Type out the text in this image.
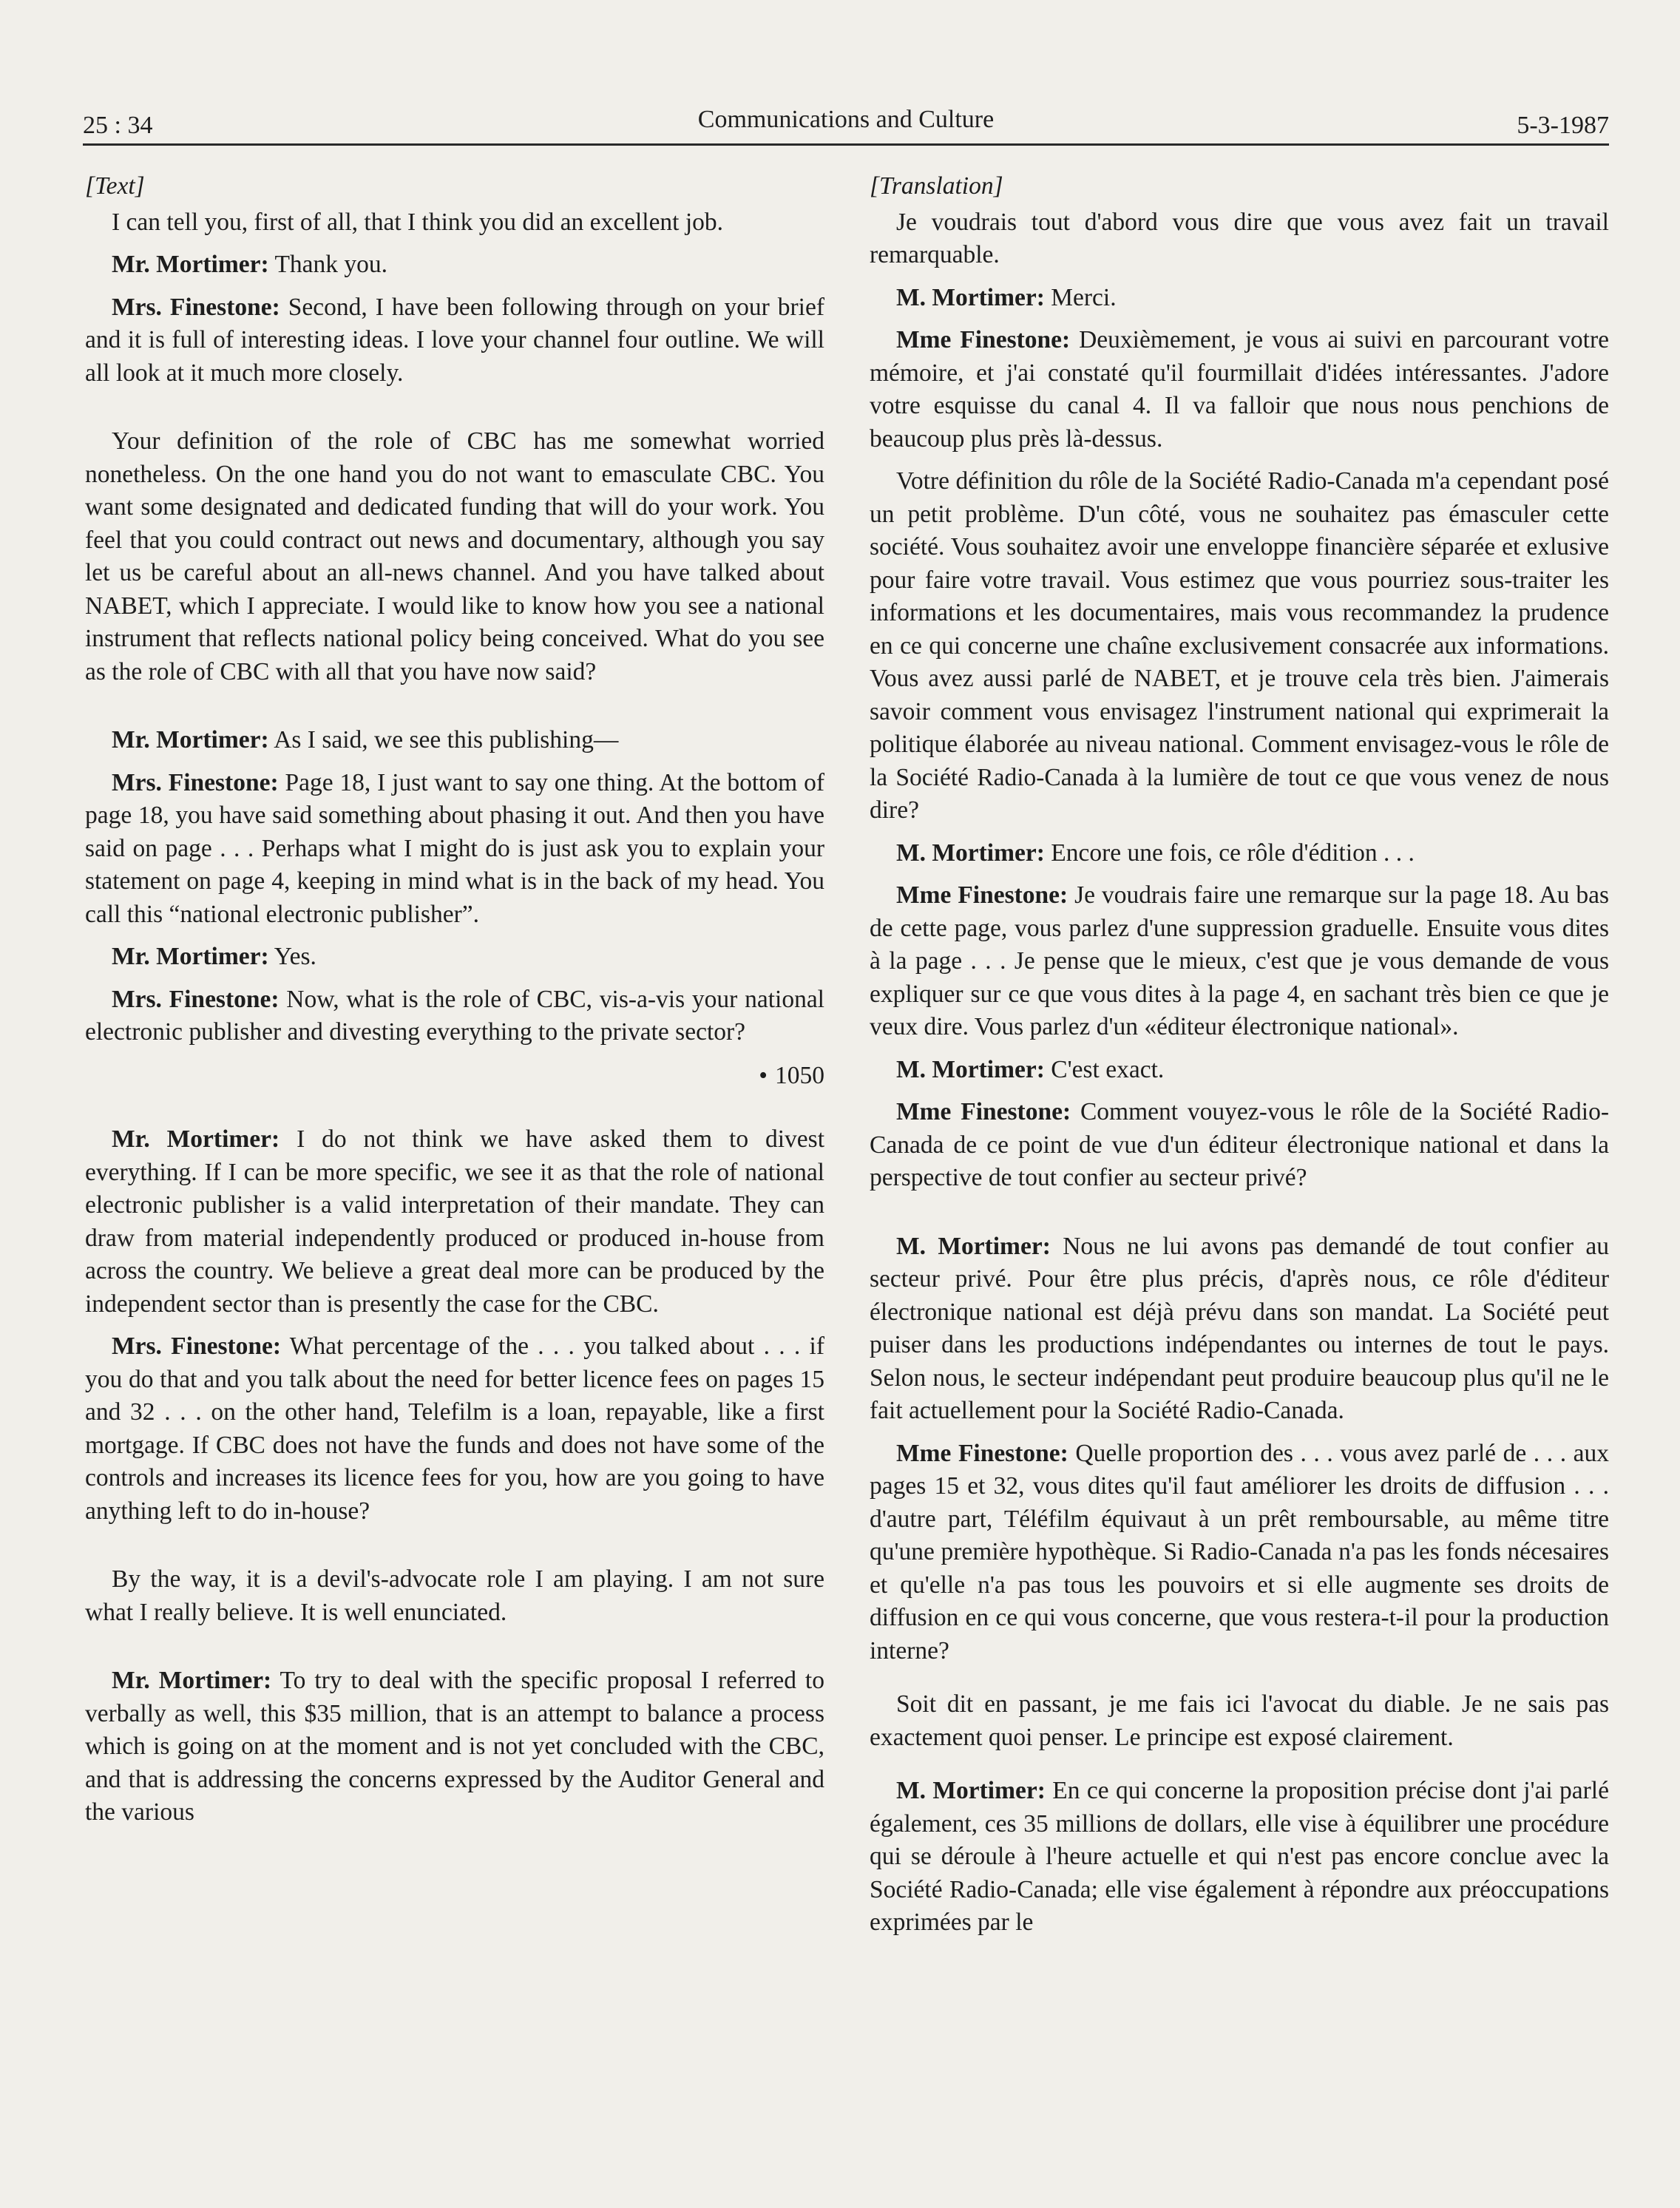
25 : 34	Communications and Culture	5-3-1987
[Text]

I can tell you, first of all, that I think you did an excellent job.

Mr. Mortimer: Thank you.

Mrs. Finestone: Second, I have been following through on your brief and it is full of interesting ideas. I love your channel four outline. We will all look at it much more closely.

Your definition of the role of CBC has me somewhat worried nonetheless. On the one hand you do not want to emasculate CBC. You want some designated and dedicated funding that will do your work. You feel that you could contract out news and documentary, although you say let us be careful about an all-news channel. And you have talked about NABET, which I appreciate. I would like to know how you see a national instrument that reflects national policy being conceived. What do you see as the role of CBC with all that you have now said?

Mr. Mortimer: As I said, we see this publishing—

Mrs. Finestone: Page 18, I just want to say one thing. At the bottom of page 18, you have said something about phasing it out. And then you have said on page . . . Perhaps what I might do is just ask you to explain your statement on page 4, keeping in mind what is in the back of my head. You call this “national electronic publisher”.

Mr. Mortimer: Yes.

Mrs. Finestone: Now, what is the role of CBC, vis-a-vis your national electronic publisher and divesting everything to the private sector?

• 1050

Mr. Mortimer: I do not think we have asked them to divest everything. If I can be more specific, we see it as that the role of national electronic publisher is a valid interpretation of their mandate. They can draw from material independently produced or produced in-house from across the country. We believe a great deal more can be produced by the independent sector than is presently the case for the CBC.

Mrs. Finestone: What percentage of the . . . you talked about . . . if you do that and you talk about the need for better licence fees on pages 15 and 32 . . . on the other hand, Telefilm is a loan, repayable, like a first mortgage. If CBC does not have the funds and does not have some of the controls and increases its licence fees for you, how are you going to have anything left to do in-house?

By the way, it is a devil's-advocate role I am playing. I am not sure what I really believe. It is well enunciated.

Mr. Mortimer: To try to deal with the specific proposal I referred to verbally as well, this $35 million, that is an attempt to balance a process which is going on at the moment and is not yet concluded with the CBC, and that is addressing the concerns expressed by the Auditor General and the various

[Translation]

Je voudrais tout d'abord vous dire que vous avez fait un travail remarquable.

M. Mortimer: Merci.

Mme Finestone: Deuxièmement, je vous ai suivi en parcourant votre mémoire, et j'ai constaté qu'il fourmillait d'idées intéressantes. J'adore votre esquisse du canal 4. Il va falloir que nous nous penchions de beaucoup plus près là-dessus.

Votre définition du rôle de la Société Radio-Canada m'a cependant posé un petit problème. D'un côté, vous ne souhaitez pas émasculer cette société. Vous souhaitez avoir une enveloppe financière séparée et exlusive pour faire votre travail. Vous estimez que vous pourriez sous-traiter les informations et les documentaires, mais vous recommandez la prudence en ce qui concerne une chaîne exclusivement consacrée aux informations. Vous avez aussi parlé de NABET, et je trouve cela très bien. J'aimerais savoir comment vous envisagez l'instrument national qui exprimerait la politique élaborée au niveau national. Comment envisagez-vous le rôle de la Société Radio-Canada à la lumière de tout ce que vous venez de nous dire?

M. Mortimer: Encore une fois, ce rôle d'édition . . .

Mme Finestone: Je voudrais faire une remarque sur la page 18. Au bas de cette page, vous parlez d'une suppression graduelle. Ensuite vous dites à la page . . . Je pense que le mieux, c'est que je vous demande de vous expliquer sur ce que vous dites à la page 4, en sachant très bien ce que je veux dire. Vous parlez d'un «éditeur électronique national».

M. Mortimer: C'est exact.

Mme Finestone: Comment vouyez-vous le rôle de la Société Radio-Canada de ce point de vue d'un éditeur électronique national et dans la perspective de tout confier au secteur privé?

M. Mortimer: Nous ne lui avons pas demandé de tout confier au secteur privé. Pour être plus précis, d'après nous, ce rôle d'éditeur électronique national est déjà prévu dans son mandat. La Société peut puiser dans les productions indépendantes ou internes de tout le pays. Selon nous, le secteur indépendant peut produire beaucoup plus qu'il ne le fait actuellement pour la Société Radio-Canada.

Mme Finestone: Quelle proportion des . . . vous avez parlé de . . . aux pages 15 et 32, vous dites qu'il faut améliorer les droits de diffusion . . . d'autre part, Téléfilm équivaut à un prêt remboursable, au même titre qu'une première hypothèque. Si Radio-Canada n'a pas les fonds nécesaires et qu'elle n'a pas tous les pouvoirs et si elle augmente ses droits de diffusion en ce qui vous concerne, que vous restera-t-il pour la production interne?

Soit dit en passant, je me fais ici l'avocat du diable. Je ne sais pas exactement quoi penser. Le principe est exposé clairement.

M. Mortimer: En ce qui concerne la proposition précise dont j'ai parlé également, ces 35 millions de dollars, elle vise à équilibrer une procédure qui se déroule à l'heure actuelle et qui n'est pas encore conclue avec la Société Radio-Canada; elle vise également à répondre aux préoccupations exprimées par le
